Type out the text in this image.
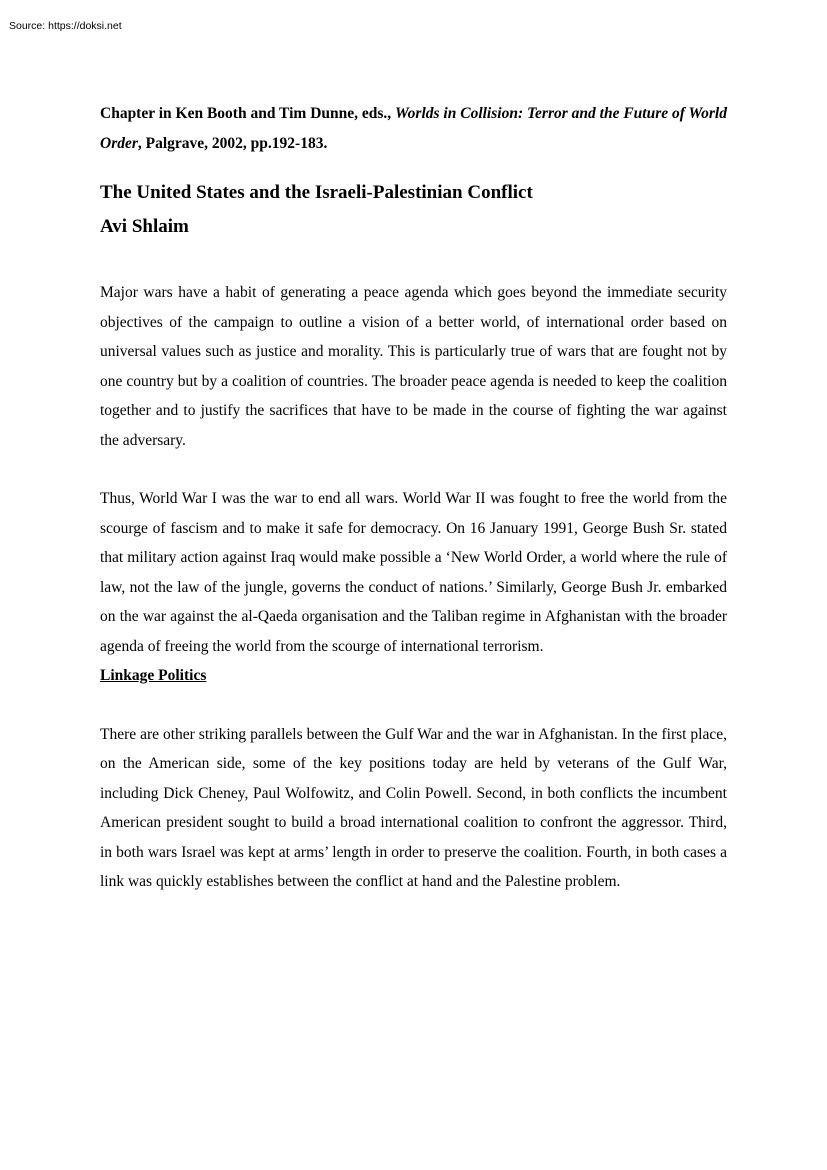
Source: https://doksi.net

Chapter in Ken Booth and Tim Dunne, eds., Worlds in Collision: Terror and the Future of World Order, Palgrave, 2002, pp.192-183.

The United States and the Israeli-Palestinian Conflict

Avi Shlaim

Major wars have a habit of generating a peace agenda which goes beyond the immediate security objectives of the campaign to outline a vision of a better world, of international order based on universal values such as justice and morality. This is particularly true of wars that are fought not by one country but by a coalition of countries. The broader peace agenda is needed to keep the coalition together and to justify the sacrifices that have to be made in the course of fighting the war against the adversary.

Thus, World War I was the war to end all wars. World War II was fought to free the world from the scourge of fascism and to make it safe for democracy. On 16 January 1991, George Bush Sr. stated that military action against Iraq would make possible a ‘New World Order, a world where the rule of law, not the law of the jungle, governs the conduct of nations.’ Similarly, George Bush Jr. embarked on the war against the al-Qaeda organisation and the Taliban regime in Afghanistan with the broader agenda of freeing the world from the scourge of international terrorism.

Linkage Politics

There are other striking parallels between the Gulf War and the war in Afghanistan. In the first place, on the American side, some of the key positions today are held by veterans of the Gulf War, including Dick Cheney, Paul Wolfowitz, and Colin Powell. Second, in both conflicts the incumbent American president sought to build a broad international coalition to confront the aggressor. Third, in both wars Israel was kept at arms’ length in order to preserve the coalition. Fourth, in both cases a link was quickly establishes between the conflict at hand and the Palestine problem.
